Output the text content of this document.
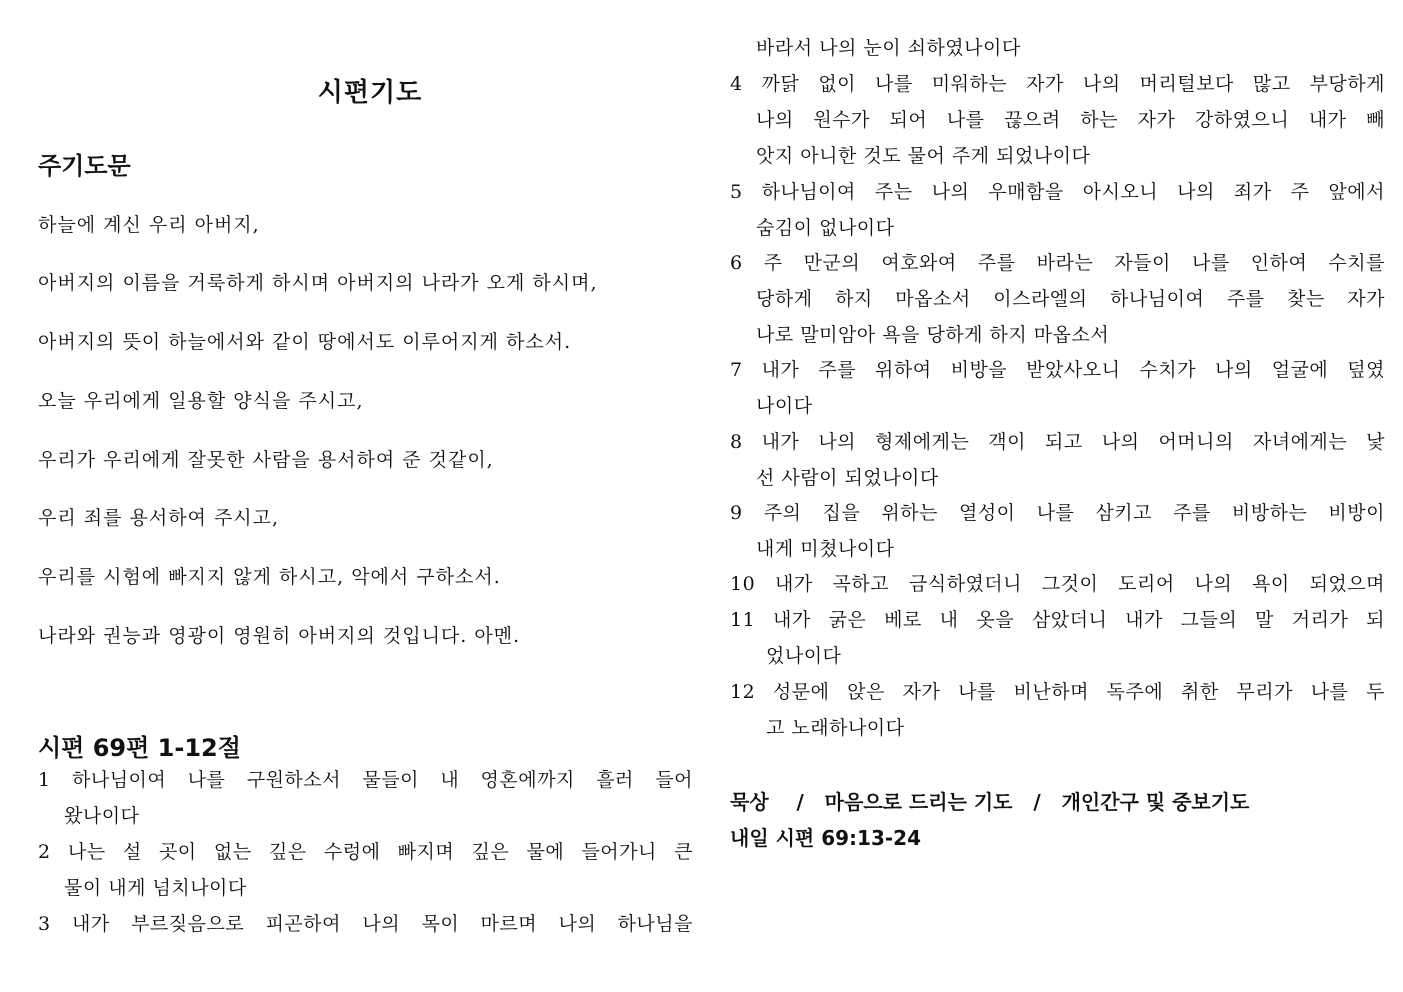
시편기도
주기도문
하늘에 계신 우리 아버지,
아버지의 이름을 거룩하게 하시며 아버지의 나라가 오게 하시며,
아버지의 뜻이 하늘에서와 같이 땅에서도 이루어지게 하소서.
오늘 우리에게 일용할 양식을 주시고,
우리가 우리에게 잘못한 사람을 용서하여 준 것같이,
우리 죄를 용서하여 주시고,
우리를 시험에 빠지지 않게 하시고, 악에서 구하소서.
나라와 권능과 영광이 영원히 아버지의 것입니다. 아멘.
시편 69편 1-12절
1 하나님이여 나를 구원하소서 물들이 내 영혼에까지 흘러 들어
왔나이다
2 나는 설 곳이 없는 깊은 수렁에 빠지며 깊은 물에 들어가니 큰
물이 내게 넘치나이다
3 내가 부르짖음으로 피곤하여 나의 목이 마르며 나의 하나님을
바라서 나의 눈이 쇠하였나이다
4 까닭 없이 나를 미워하는 자가 나의 머리털보다 많고 부당하게
나의 원수가 되어 나를 끊으려 하는 자가 강하였으니 내가 빼
앗지 아니한 것도 물어 주게 되었나이다
5 하나님이여 주는 나의 우매함을 아시오니 나의 죄가 주 앞에서
숨김이 없나이다
6 주 만군의 여호와여 주를 바라는 자들이 나를 인하여 수치를
당하게 하지 마옵소서 이스라엘의 하나님이여 주를 찾는 자가
나로 말미암아 욕을 당하게 하지 마옵소서
7 내가 주를 위하여 비방을 받았사오니 수치가 나의 얼굴에 덮였
나이다
8 내가 나의 형제에게는 객이 되고 나의 어머니의 자녀에게는 낯
선 사람이 되었나이다
9 주의 집을 위하는 열성이 나를 삼키고 주를 비방하는 비방이
내게 미쳤나이다
10 내가 곡하고 금식하였더니 그것이 도리어 나의 욕이 되었으며
11 내가 굵은 베로 내 옷을 삼았더니 내가 그들의 말 거리가 되
었나이다
12 성문에 앉은 자가 나를 비난하며 독주에 취한 무리가 나를 두
고 노래하나이다
묵상    /   마음으로 드리는 기도   /   개인간구 및 중보기도
내일 시편 69:13-24
